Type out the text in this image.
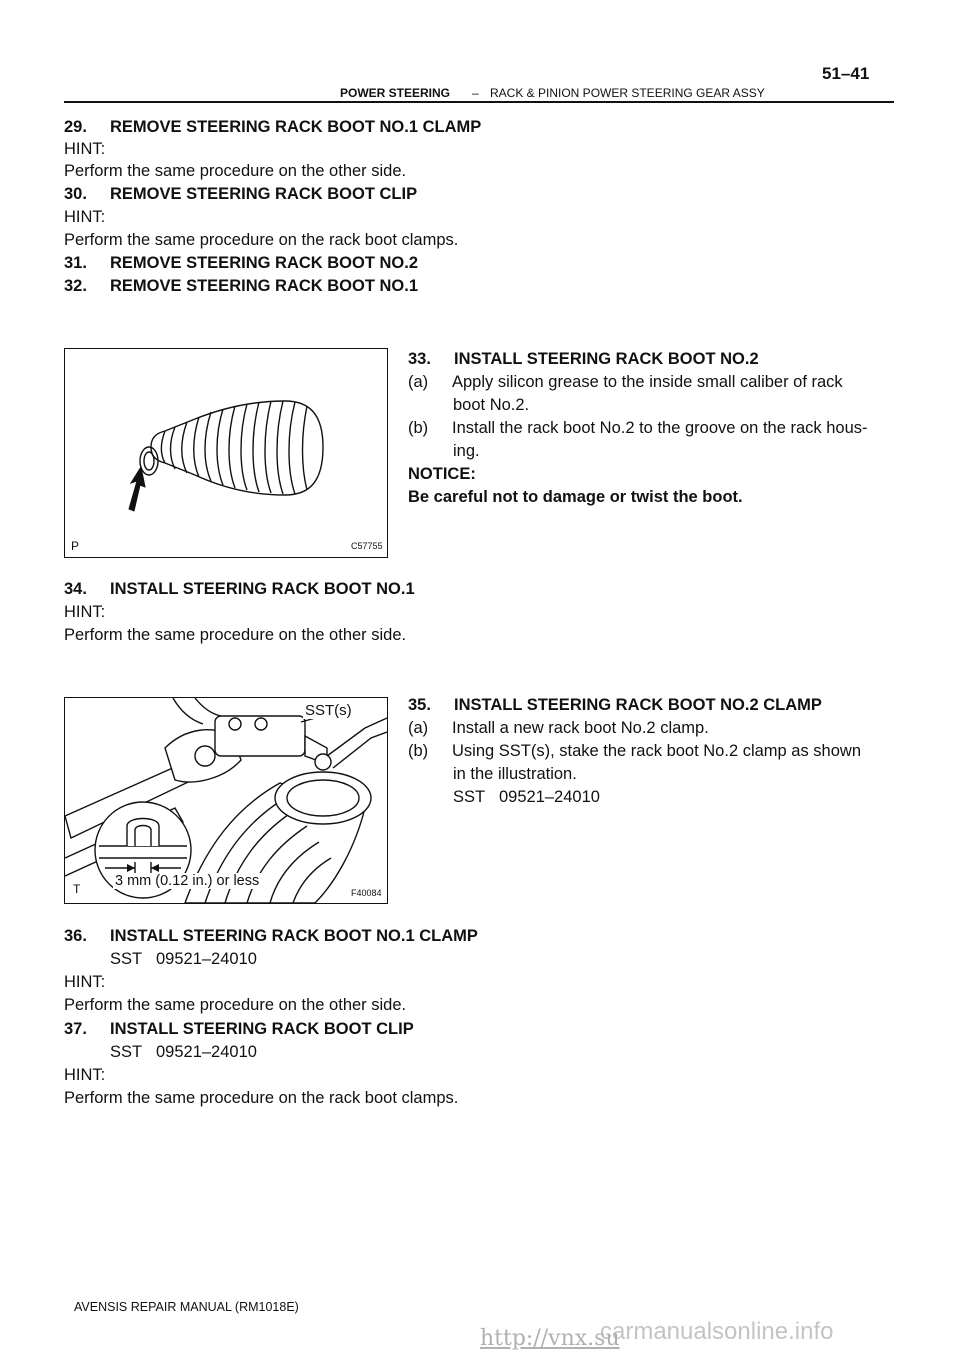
51–41
POWER STEERING – RACK & PINION POWER STEERING GEAR ASSY
29. REMOVE STEERING RACK BOOT NO.1 CLAMP
HINT:
Perform the same procedure on the other side.
30. REMOVE STEERING RACK BOOT CLIP
HINT:
Perform the same procedure on the rack boot clamps.
31. REMOVE STEERING RACK BOOT NO.2
32. REMOVE STEERING RACK BOOT NO.1
P	C57755
33. INSTALL STEERING RACK BOOT NO.2
(a) Apply silicon grease to the inside small caliber of rack
boot No.2.
(b) Install the rack boot No.2 to the groove on the rack hous-
ing.
NOTICE:
Be careful not to damage or twist the boot.
34. INSTALL STEERING RACK BOOT NO.1
HINT:
Perform the same procedure on the other side.
SST(s)
3 mm (0.12 in.) or less
T	F40084
35. INSTALL STEERING RACK BOOT NO.2 CLAMP
(a) Install a new rack boot No.2 clamp.
(b) Using SST(s), stake the rack boot No.2 clamp as shown
in the illustration.
SST 09521–24010
36. INSTALL STEERING RACK BOOT NO.1 CLAMP
SST 09521–24010
HINT:
Perform the same procedure on the other side.
37. INSTALL STEERING RACK BOOT CLIP
SST 09521–24010
HINT:
Perform the same procedure on the rack boot clamps.
AVENSIS REPAIR MANUAL (RM1018E)
carmanualsonline.info
http://vnx.su
